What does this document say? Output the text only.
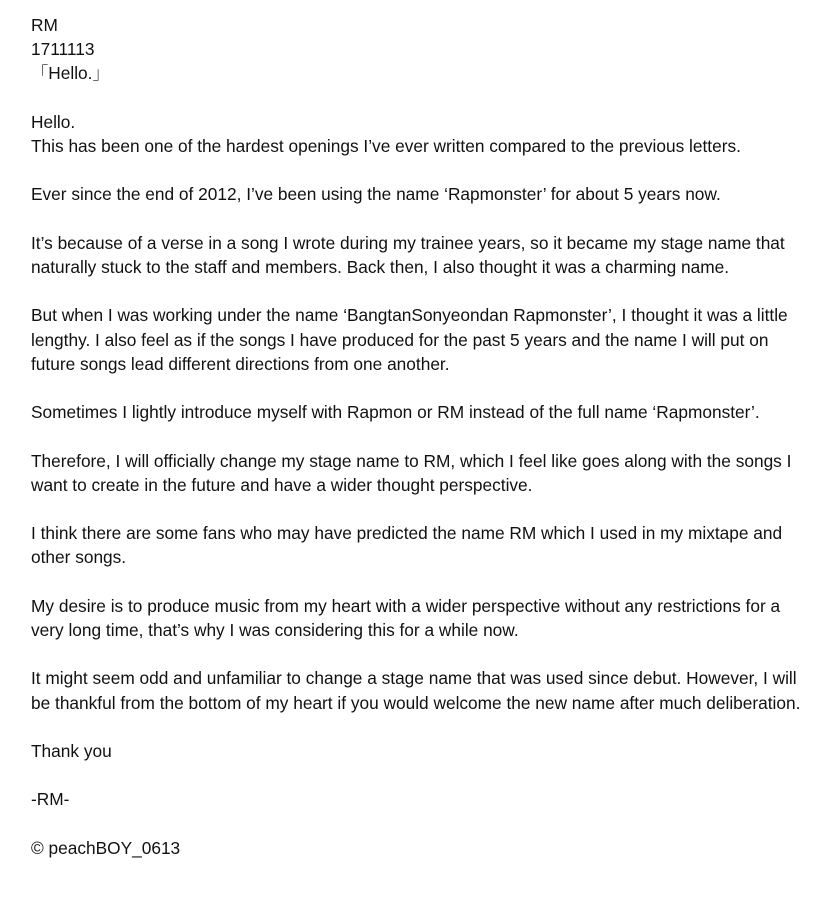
RM

1711113

「Hello.」

Hello.

This has been one of the hardest openings I’ve ever written compared to the previous letters.

Ever since the end of 2012, I’ve been using the name ‘Rapmonster’ for about 5 years now.

It’s because of a verse in a song I wrote during my trainee years, so it became my stage name that naturally stuck to the staff and members. Back then, I also thought it was a charming name.

But when I was working under the name ‘BangtanSonyeondan Rapmonster’, I thought it was a little lengthy. I also feel as if the songs I have produced for the past 5 years and the name I will put on future songs lead different directions from one another.

Sometimes I lightly introduce myself with Rapmon or RM instead of the full name ‘Rapmonster’.

Therefore, I will officially change my stage name to RM, which I feel like goes along with the songs I want to create in the future and have a wider thought perspective.

I think there are some fans who may have predicted the name RM which I used in my mixtape and other songs.

My desire is to produce music from my heart with a wider perspective without any restrictions for a very long time, that’s why I was considering this for a while now.

It might seem odd and unfamiliar to change a stage name that was used since debut. However, I will be thankful from the bottom of my heart if you would welcome the new name after much deliberation.

Thank you

-RM-

© peachBOY_0613
